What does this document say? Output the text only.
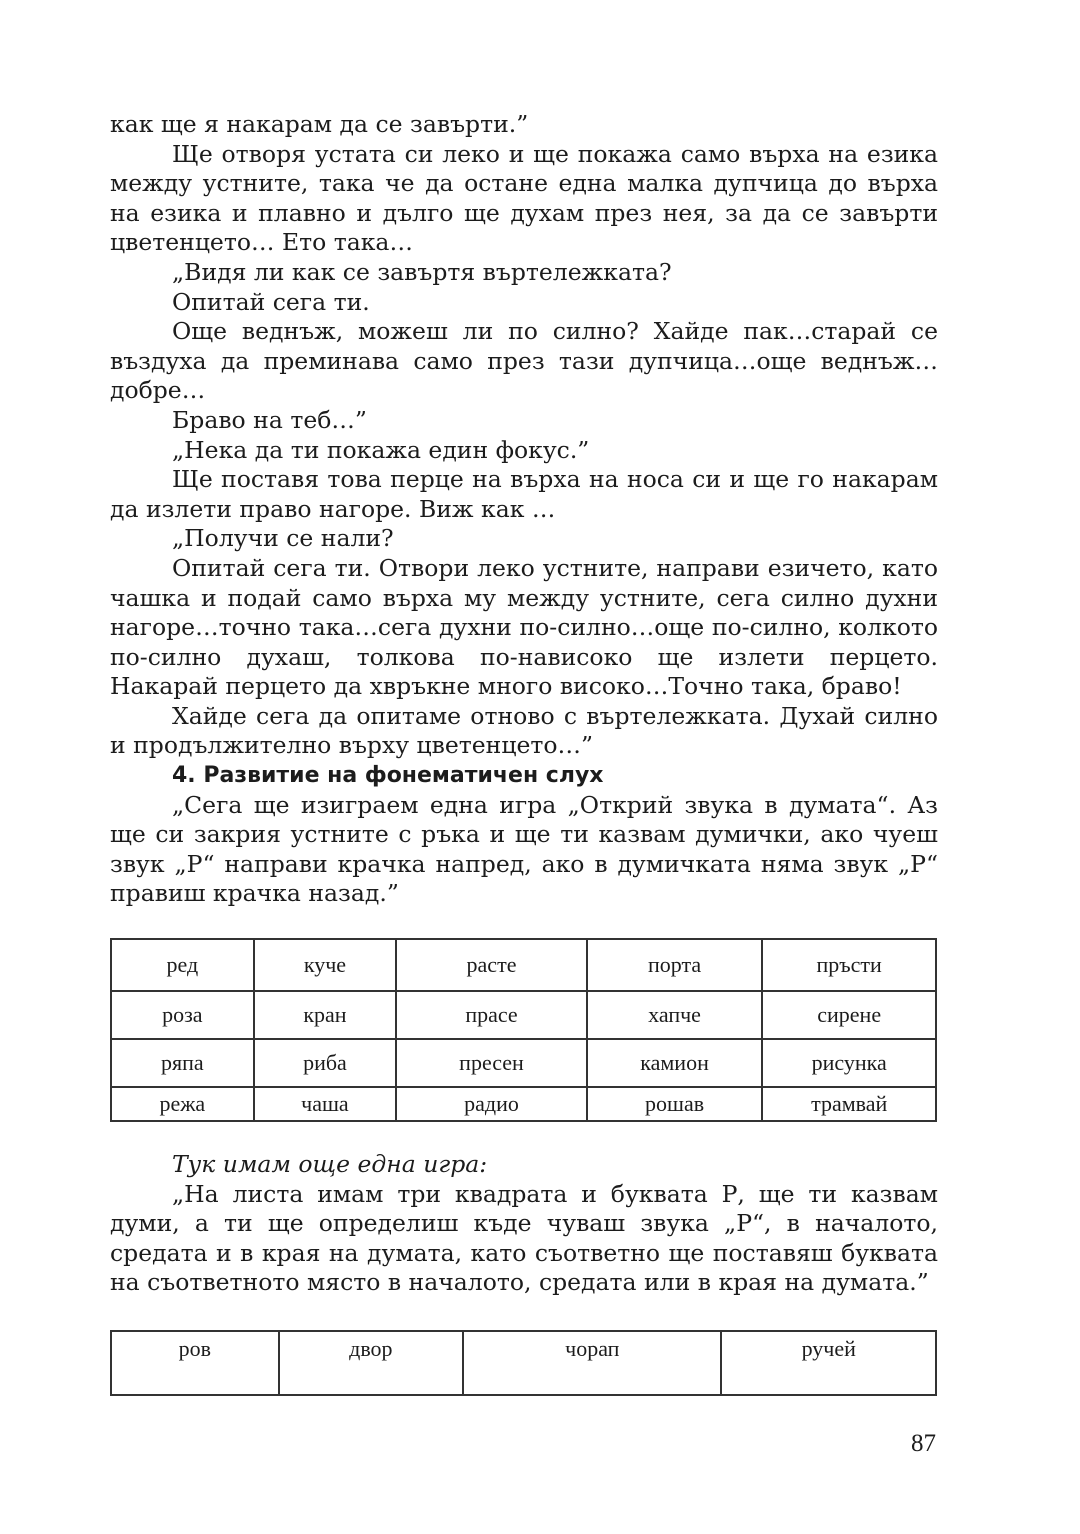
как ще я накарам да се завърти.”

Ще отворя устата си леко и ще покажа само върха на езика между устните, така че да остане една малка дупчица до върха на езика и плавно и дълго ще духам през нея, за да се завърти цветенцето… Ето така…

„Видя ли как се завъртя въртележката?

Опитай сега ти.

Още веднъж, можеш ли по силно? Хайде пак…старай се въздуха да преминава само през тази дупчица…още веднъж… добре…

Браво на теб…”

„Нека да ти покажа един фокус.”

Ще поставя това перце на върха на носа си и ще го накарам да излети право нагоре. Виж как …

„Получи се нали?

Опитай сега ти. Отвори леко устните, направи езичето, като чашка и подай само върха му между устните, сега силно духни нагоре…точно така…сега духни по-силно…още по-силно, колкото по-силно духаш, толкова по-нависоко ще излети перцето. Накарай перцето да хвръкне много високо…Точно така, браво!

Хайде сега да опитаме отново с въртележката. Духай силно и продължително върху цветенцето…”

4. Развитие на фонематичен слух

„Сега ще изиграем една игра „Открий звука в думата“. Аз ще си закрия устните с ръка и ще ти казвам думички, ако чуеш звук „Р“ направи крачка напред, ако в думичката няма звук „Р“ правиш крачка назад.”

ред	куче	расте	порта	пръсти
роза	кран	прасе	хапче	сирене
ряпа	риба	пресен	камион	рисунка
режа	чаша	радио	рошав	трамвай

Тук имам още една игра:

„На листа имам три квадрата и буквата Р, ще ти казвам думи, а ти ще определиш къде чуваш звука „Р“, в началото, средата и в края на думата, като съответно ще поставяш буквата на съответното място в началото, средата или в края на думата.”

ров	двор	чорап	ручей
87
